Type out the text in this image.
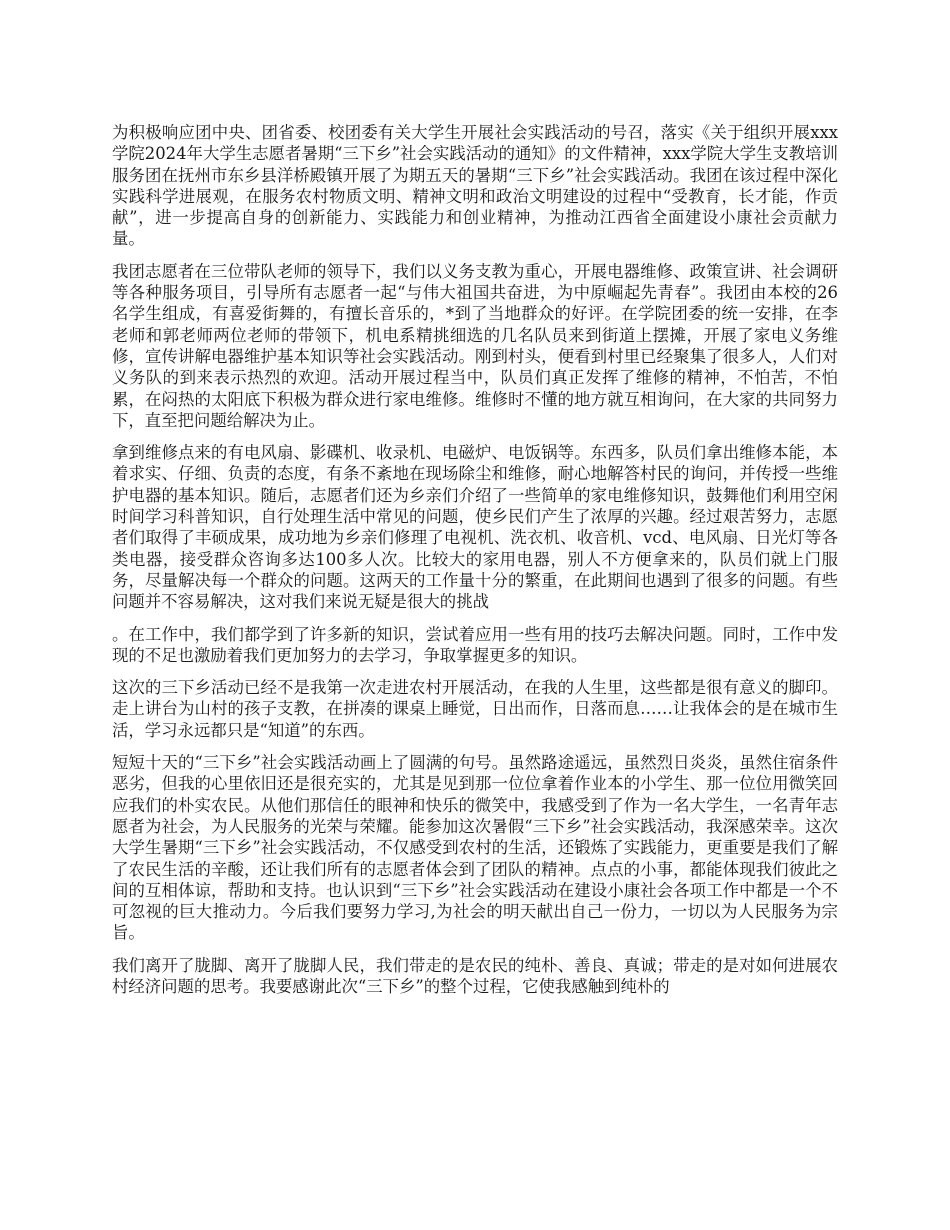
为积极响应团中央、团省委、校团委有关大学生开展社会实践活动的号召，落实《关于组织开展xxx学院2024年大学生志愿者暑期“三下乡”社会实践活动的通知》的文件精神，xxx学院大学生支教培训服务团在抚州市东乡县洋桥殿镇开展了为期五天的暑期“三下乡”社会实践活动。我团在该过程中深化实践科学进展观，在服务农村物质文明、精神文明和政治文明建设的过程中“受教育，长才能，作贡献”，进一步提高自身的创新能力、实践能力和创业精神，为推动江西省全面建设小康社会贡献力量。

我团志愿者在三位带队老师的领导下，我们以义务支教为重心，开展电器维修、政策宣讲、社会调研等各种服务项目，引导所有志愿者一起“与伟大祖国共奋进，为中原崛起先青春”。我团由本校的26名学生组成，有喜爱街舞的，有擅长音乐的，*到了当地群众的好评。在学院团委的统一安排，在李老师和郭老师两位老师的带领下，机电系精挑细选的几名队员来到街道上摆摊，开展了家电义务维修，宣传讲解电器维护基本知识等社会实践活动。刚到村头，便看到村里已经聚集了很多人，人们对义务队的到来表示热烈的欢迎。活动开展过程当中，队员们真正发挥了维修的精神，不怕苦，不怕累，在闷热的太阳底下积极为群众进行家电维修。维修时不懂的地方就互相询问，在大家的共同努力下，直至把问题给解决为止。

拿到维修点来的有电风扇、影碟机、收录机、电磁炉、电饭锅等。东西多，队员们拿出维修本能，本着求实、仔细、负责的态度，有条不紊地在现场除尘和维修，耐心地解答村民的询问，并传授一些维护电器的基本知识。随后，志愿者们还为乡亲们介绍了一些简单的家电维修知识，鼓舞他们利用空闲时间学习科普知识，自行处理生活中常见的问题，使乡民们产生了浓厚的兴趣。经过艰苦努力，志愿者们取得了丰硕成果，成功地为乡亲们修理了电视机、洗衣机、收音机、vcd、电风扇、日光灯等各类电器，接受群众咨询多达100多人次。比较大的家用电器，别人不方便拿来的，队员们就上门服务，尽量解决每一个群众的问题。这两天的工作量十分的繁重，在此期间也遇到了很多的问题。有些问题并不容易解决，这对我们来说无疑是很大的挑战

。在工作中，我们都学到了许多新的知识，尝试着应用一些有用的技巧去解决问题。同时，工作中发现的不足也激励着我们更加努力的去学习，争取掌握更多的知识。

这次的三下乡活动已经不是我第一次走进农村开展活动，在我的人生里，这些都是很有意义的脚印。走上讲台为山村的孩子支教，在拼凑的课桌上睡觉，日出而作，日落而息……让我体会的是在城市生活，学习永远都只是“知道”的东西。

短短十天的“三下乡”社会实践活动画上了圆满的句号。虽然路途遥远，虽然烈日炎炎，虽然住宿条件恶劣，但我的心里依旧还是很充实的，尤其是见到那一位位拿着作业本的小学生、那一位位用微笑回应我们的朴实农民。从他们那信任的眼神和快乐的微笑中，我感受到了作为一名大学生，一名青年志愿者为社会，为人民服务的光荣与荣耀。能参加这次暑假“三下乡”社会实践活动，我深感荣幸。这次大学生暑期“三下乡”社会实践活动，不仅感受到农村的生活，还锻炼了实践能力，更重要是我们了解了农民生活的辛酸，还让我们所有的志愿者体会到了团队的精神。点点的小事，都能体现我们彼此之间的互相体谅，帮助和支持。也认识到“三下乡”社会实践活动在建设小康社会各项工作中都是一个不可忽视的巨大推动力。今后我们要努力学习,为社会的明天献出自己一份力，一切以为人民服务为宗旨。

我们离开了胧脚、离开了胧脚人民，我们带走的是农民的纯朴、善良、真诚；带走的是对如何进展农村经济问题的思考。我要感谢此次“三下乡”的整个过程，它使我感触到纯朴的
